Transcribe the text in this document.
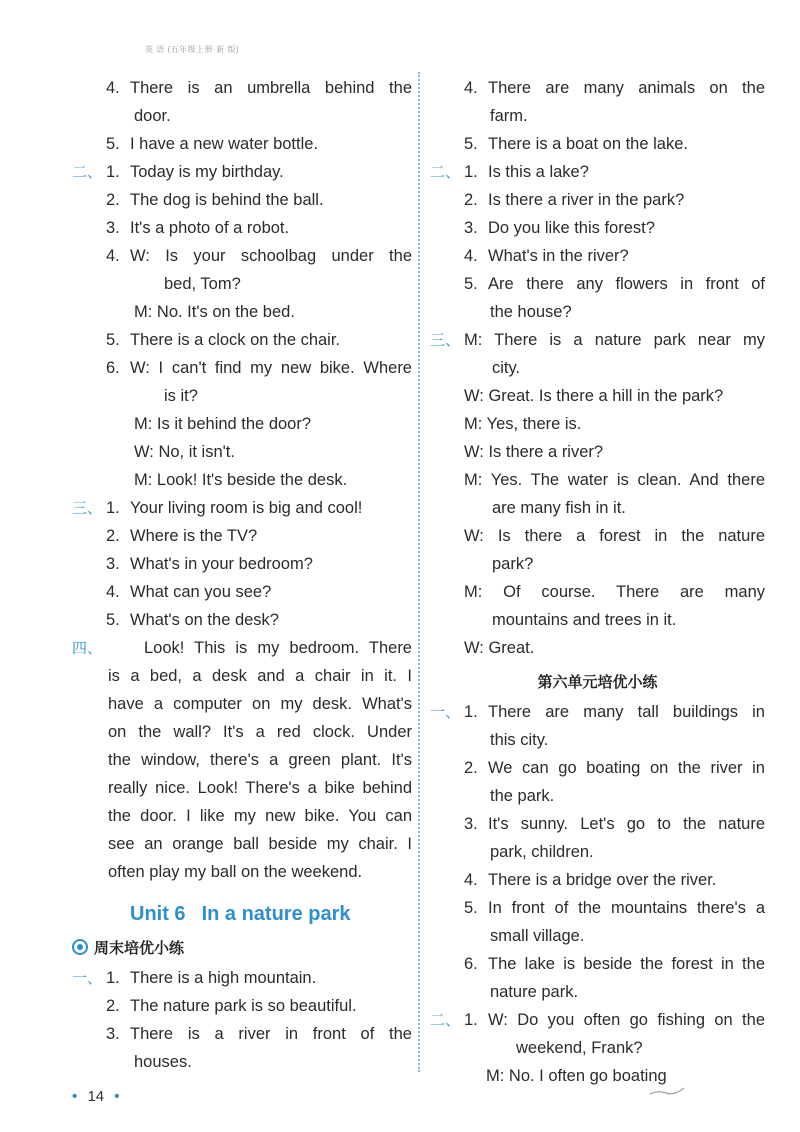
英 语 (五年级上册·新 版)
4. There is an umbrella behind the
door.
5. I have a new water bottle.
二、 1. Today is my birthday.
2. The dog is behind the ball.
3. It's a photo of a robot.
4. W: Is your schoolbag under the
bed, Tom?
M: No. It's on the bed.
5. There is a clock on the chair.
6. W: I can't find my new bike. Where
is it?
M: Is it behind the door?
W: No, it isn't.
M: Look! It's beside the desk.
三、 1. Your living room is big and cool!
2. Where is the TV?
3. What's in your bedroom?
4. What can you see?
5. What's on the desk?
四、	Look! This is my bedroom. There
is a bed, a desk and a chair in it. I
have a computer on my desk. What's
on the wall? It's a red clock. Under
the window, there's a green plant. It's
really nice. Look! There's a bike behind
the door. I like my new bike. You can
see an orange ball beside my chair. I
often play my ball on the weekend.
Unit 6 In a nature park
周末培优小练
一、 1. There is a high mountain.
2. The nature park is so beautiful.
3. There is a river in front of the
houses.
4. There are many animals on the
farm.
5. There is a boat on the lake.
二、 1. Is this a lake?
2. Is there a river in the park?
3. Do you like this forest?
4. What's in the river?
5. Are there any flowers in front of
the house?
三、 M: There is a nature park near my
city.
W: Great. Is there a hill in the park?
M: Yes, there is.
W: Is there a river?
M: Yes. The water is clean. And there
are many fish in it.
W: Is there a forest in the nature
park?
M: Of course. There are many
mountains and trees in it.
W: Great.
第六单元培优小练
一、 1. There are many tall buildings in
this city.
2. We can go boating on the river in
the park.
3. It's sunny. Let's go to the nature
park, children.
4. There is a bridge over the river.
5. In front of the mountains there's a
small village.
6. The lake is beside the forest in the
nature park.
二、 1. W: Do you often go fishing on the
weekend, Frank?
M: No. I often go boating
• 14 •
